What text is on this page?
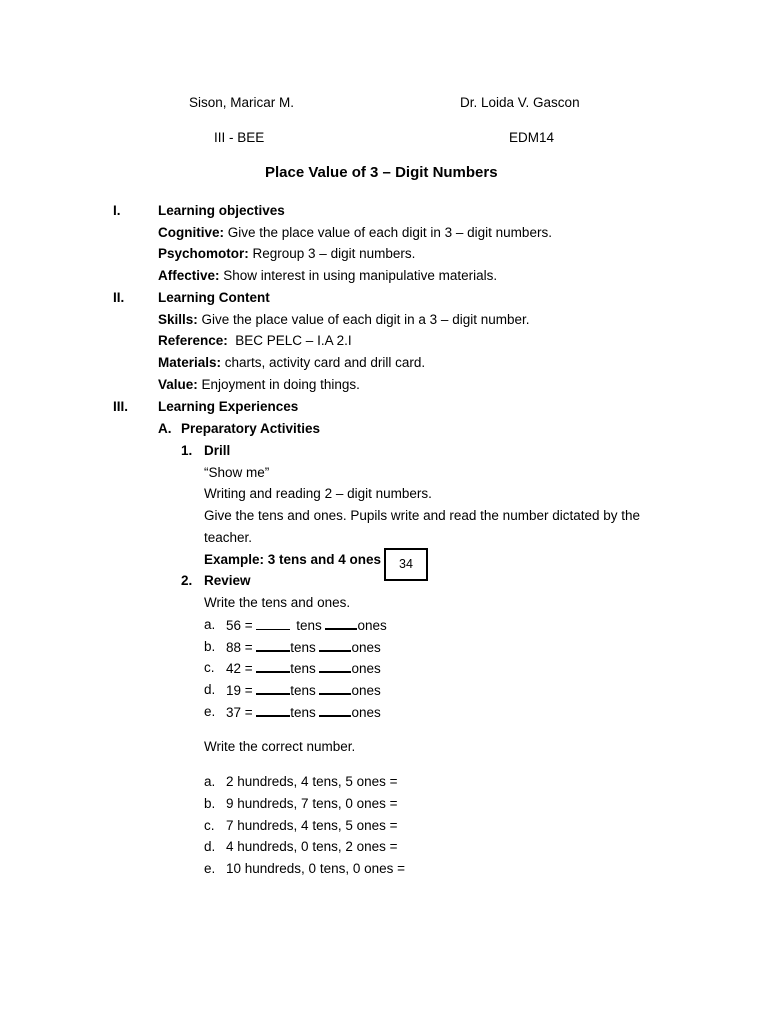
Sison, Maricar M.	Dr. Loida V. Gascon
III - BEE	EDM14
Place Value of 3 – Digit Numbers
I.	Learning objectives
Cognitive: Give the place value of each digit in 3 – digit numbers.
Psychomotor: Regroup 3 – digit numbers.
Affective: Show interest in using manipulative materials.
II. Learning Content
Skills: Give the place value of each digit in a 3 – digit number.
Reference:  BEC PELC – I.A 2.I
Materials: charts, activity card and drill card.
Value: Enjoyment in doing things.
III. Learning Experiences
A. Preparatory Activities
1. Drill
“Show me”
Writing and reading 2 – digit numbers.
Give the tens and ones. Pupils write and read the number dictated by the
teacher.
Example: 3 tens and 4 ones	34
2. Review
Write the tens and ones.
a. 56 =	tens	ones
b. 88 =	tens	ones
c. 42 =	tens	ones
d. 19 =	tens	ones
e. 37 =	tens	ones
Write the correct number.
a. 2 hundreds, 4 tens, 5 ones =
b. 9 hundreds, 7 tens, 0 ones =
c. 7 hundreds, 4 tens, 5 ones =
d. 4 hundreds, 0 tens, 2 ones =
e. 10 hundreds, 0 tens, 0 ones =
